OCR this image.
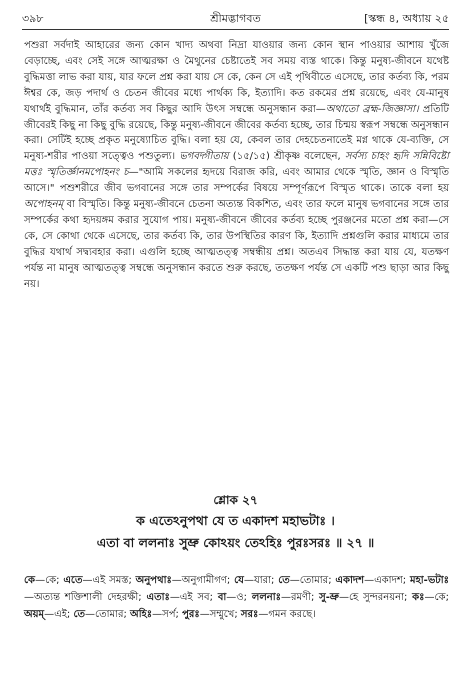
৩৯৮	শ্রীমদ্ভাগবত	[স্কন্ধ ৪, অধ্যায় ২৫

পশুরা সর্বদাই আহারের জন্য কোন খাদ্য অথবা নিদ্রা যাওয়ার জন্য কোন স্থান পাওয়ার আশায় খুঁজে বেড়াচ্ছে, এবং সেই সঙ্গে আত্মরক্ষা ও মৈথুনের চেষ্টাতেই সব সময় ব্যস্ত থাকে। কিন্তু মনুষ্য-জীবনে যথেষ্ট বুদ্ধিমত্তা লাভ করা যায়, যার ফলে প্রশ্ন করা যায় সে কে, কেন সে এই পৃথিবীতে এসেছে, তার কর্তব্য কি, পরম ঈশ্বর কে, জড় পদার্থ ও চেতন জীবের মধ্যে পার্থক্য কি, ইত্যাদি। কত রকমের প্রশ্ন রয়েছে, এবং যে-মানুষ যথার্থই বুদ্ধিমান, তাঁর কর্তব্য সব কিছুর আদি উৎস সম্বন্ধে অনুসন্ধান করা—অথাতো ব্রহ্ম-জিজ্ঞাসা। প্রতিটি জীবেরই কিছু না কিছু বুদ্ধি রয়েছে, কিন্তু মনুষ্য-জীবনে জীবের কর্তব্য হচ্ছে, তার চিন্ময় স্বরূপ সম্বন্ধে অনুসন্ধান করা। সেটিই হচ্ছে প্রকৃত মনুষ্যোচিত বুদ্ধি। বলা হয় যে, কেবল তার দেহচেতনাতেই মগ্ন থাকে যে-ব্যক্তি, সে মনুষ্য-শরীর পাওয়া সত্ত্বেও পশুতুল্য। ভগবদ্গীতায় (১৫/১৫) শ্রীকৃষ্ণ বলেছেন, সর্বস্য চাহং হৃদি সন্নিবিষ্টো মত্তঃ স্মৃতির্জ্ঞানমপোহনং চ—"আমি সকলের হৃদয়ে বিরাজ করি, এবং আমার থেকে স্মৃতি, জ্ঞান ও বিস্মৃতি আসে।" পশুশরীরে জীব ভগবানের সঙ্গে তার সম্পর্কের বিষয়ে সম্পূর্ণরূপে বিস্মৃত থাকে। তাকে বলা হয় অপোহনম্ বা বিস্মৃতি। কিন্তু মনুষ্য-জীবনে চেতনা অত্যন্ত বিকশিত, এবং তার ফলে মানুষ ভগবানের সঙ্গে তার সম্পর্কের কথা হৃদয়ঙ্গম করার সুযোগ পায়। মনুষ্য-জীবনে জীবের কর্তব্য হচ্ছে পুরঞ্জনের মতো প্রশ্ন করা—সে কে, সে কোথা থেকে এসেছে, তার কর্তব্য কি, তার উপস্থিতির কারণ কি, ইত্যাদি প্রশ্নগুলি করার মাধ্যমে তার বুদ্ধির যথার্থ সদ্ব্যবহার করা। এগুলি হচ্ছে আত্মতত্ত্ব সম্বন্ধীয় প্রশ্ন। অতএব সিদ্ধান্ত করা যায় যে, যতক্ষণ পর্যন্ত না মানুষ আত্মতত্ত্ব সম্বন্ধে অনুসন্ধান করতে শুরু করছে, ততক্ষণ পর্যন্ত সে একটি পশু ছাড়া আর কিছু নয়।

শ্লোক ২৭
ক এতেঽনুপথা যে ত একাদশ মহাভটাঃ ।
এতা বা ললনাঃ সুভ্রু কোঽয়ং তেঽহিঃ পুরঃসরঃ ॥ ২৭ ॥
কে—কে; এতে—এই সমস্ত; অনুপথাঃ—অনুগামীগণ; যে—যারা; তে—তোমার; একাদশ—একাদশ; মহা-ভটাঃ—অত্যন্ত শক্তিশালী দেহরক্ষী; এতাঃ—এই সব; বা—ও; ললনাঃ—রমণী; সু-ভ্রু—হে সুন্দরনয়না; কঃ—কে; অয়ম্—এই; তে—তোমার; অহিঃ—সর্প; পুরঃ—সম্মুখে; সরঃ—গমন করছে।
